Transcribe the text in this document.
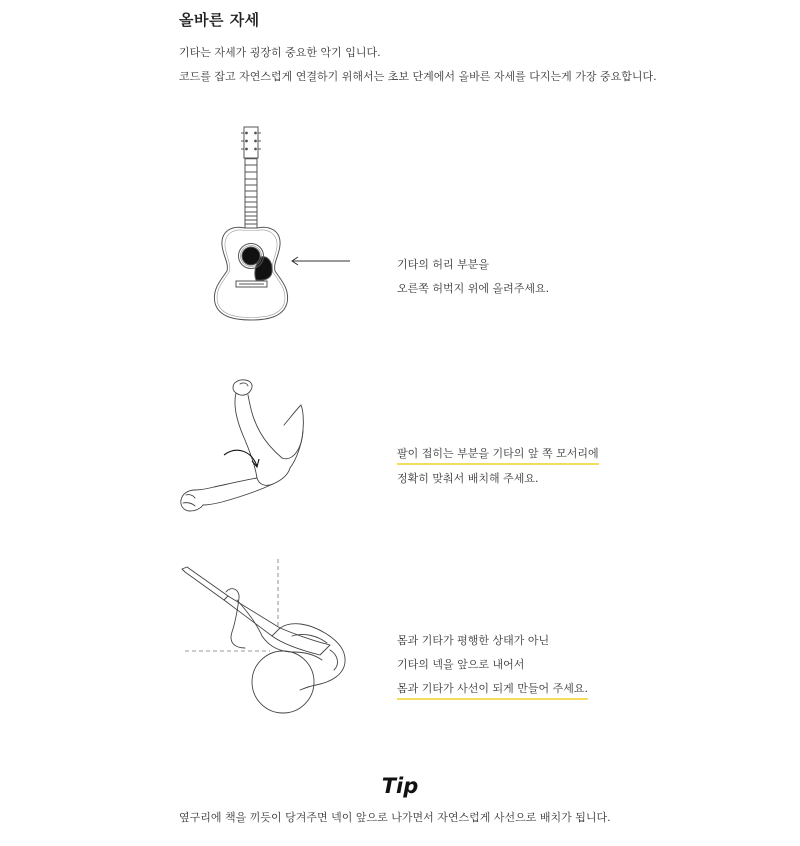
올바른 자세
기타는 자세가 굉장히 중요한 악기 입니다.
코드를 잡고 자연스럽게 연결하기 위해서는 초보 단계에서 올바른 자세를 다지는게 가장 중요합니다.
기타의 허리 부분을
오른쪽 허벅지 위에 올려주세요.
팔이 접히는 부분을 기타의 앞 쪽 모서리에
정확히 맞춰서 배치해 주세요.
몸과 기타가 평행한 상태가 아닌
기타의 넥을 앞으로 내어서
몸과 기타가 사선이 되게 만들어 주세요.
Tip
옆구리에 책을 끼듯이 당겨주면 넥이 앞으로 나가면서 자연스럽게 사선으로 배치가 됩니다.
